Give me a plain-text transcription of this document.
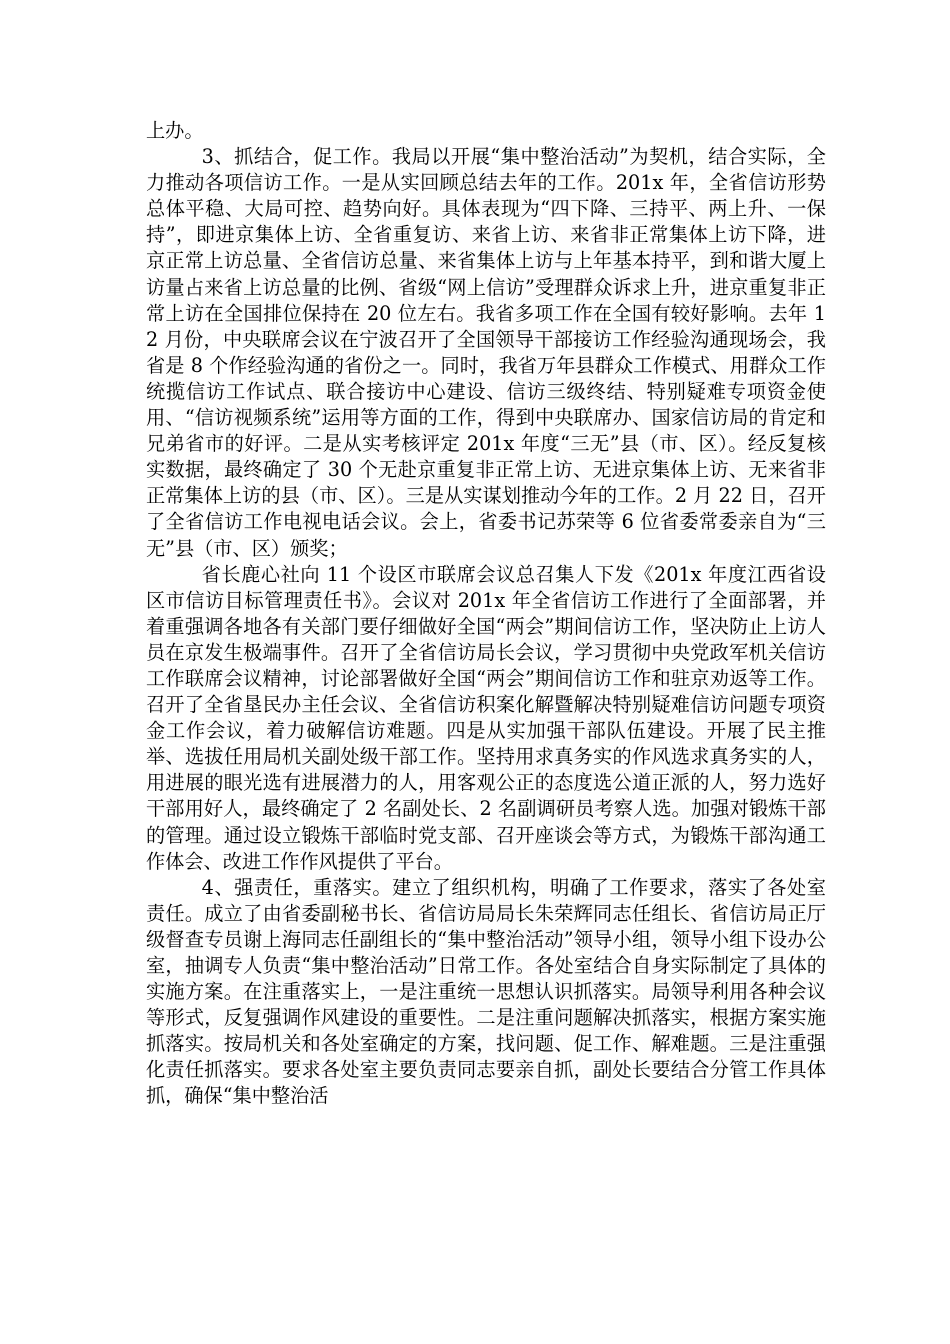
上办。

3、抓结合，促工作。我局以开展“集中整治活动”为契机，结合实际，全力推动各项信访工作。一是从实回顾总结去年的工作。201x 年，全省信访形势总体平稳、大局可控、趋势向好。具体表现为“四下降、三持平、两上升、一保持”，即进京集体上访、全省重复访、来省上访、来省非正常集体上访下降，进京正常上访总量、全省信访总量、来省集体上访与上年基本持平，到和谐大厦上访量占来省上访总量的比例、省级“网上信访”受理群众诉求上升，进京重复非正常上访在全国排位保持在 20 位左右。我省多项工作在全国有较好影响。去年 12 月份，中央联席会议在宁波召开了全国领导干部接访工作经验沟通现场会，我省是 8 个作经验沟通的省份之一。同时，我省万年县群众工作模式、用群众工作统揽信访工作试点、联合接访中心建设、信访三级终结、特别疑难专项资金使用、“信访视频系统”运用等方面的工作，得到中央联席办、国家信访局的肯定和兄弟省市的好评。二是从实考核评定 201x 年度“三无”县（市、区）。经反复核实数据，最终确定了 30 个无赴京重复非正常上访、无进京集体上访、无来省非正常集体上访的县（市、区）。三是从实谋划推动今年的工作。2 月 22 日，召开了全省信访工作电视电话会议。会上，省委书记苏荣等 6 位省委常委亲自为“三无”县（市、区）颁奖；

省长鹿心社向 11 个设区市联席会议总召集人下发《201x 年度江西省设区市信访目标管理责任书》。会议对 201x 年全省信访工作进行了全面部署，并着重强调各地各有关部门要仔细做好全国“两会”期间信访工作，坚决防止上访人员在京发生极端事件。召开了全省信访局长会议，学习贯彻中央党政军机关信访工作联席会议精神，讨论部署做好全国“两会”期间信访工作和驻京劝返等工作。召开了全省垦民办主任会议、全省信访积案化解暨解决特别疑难信访问题专项资金工作会议，着力破解信访难题。四是从实加强干部队伍建设。开展了民主推举、选拔任用局机关副处级干部工作。坚持用求真务实的作风选求真务实的人，用进展的眼光选有进展潜力的人，用客观公正的态度选公道正派的人，努力选好干部用好人，最终确定了 2 名副处长、2 名副调研员考察人选。加强对锻炼干部的管理。通过设立锻炼干部临时党支部、召开座谈会等方式，为锻炼干部沟通工作体会、改进工作作风提供了平台。

4、强责任，重落实。建立了组织机构，明确了工作要求，落实了各处室责任。成立了由省委副秘书长、省信访局局长朱荣辉同志任组长、省信访局正厅级督查专员谢上海同志任副组长的“集中整治活动”领导小组，领导小组下设办公室，抽调专人负责“集中整治活动”日常工作。各处室结合自身实际制定了具体的实施方案。在注重落实上，一是注重统一思想认识抓落实。局领导利用各种会议等形式，反复强调作风建设的重要性。二是注重问题解决抓落实，根据方案实施抓落实。按局机关和各处室确定的方案，找问题、促工作、解难题。三是注重强化责任抓落实。要求各处室主要负责同志要亲自抓，副处长要结合分管工作具体抓，确保“集中整治活
